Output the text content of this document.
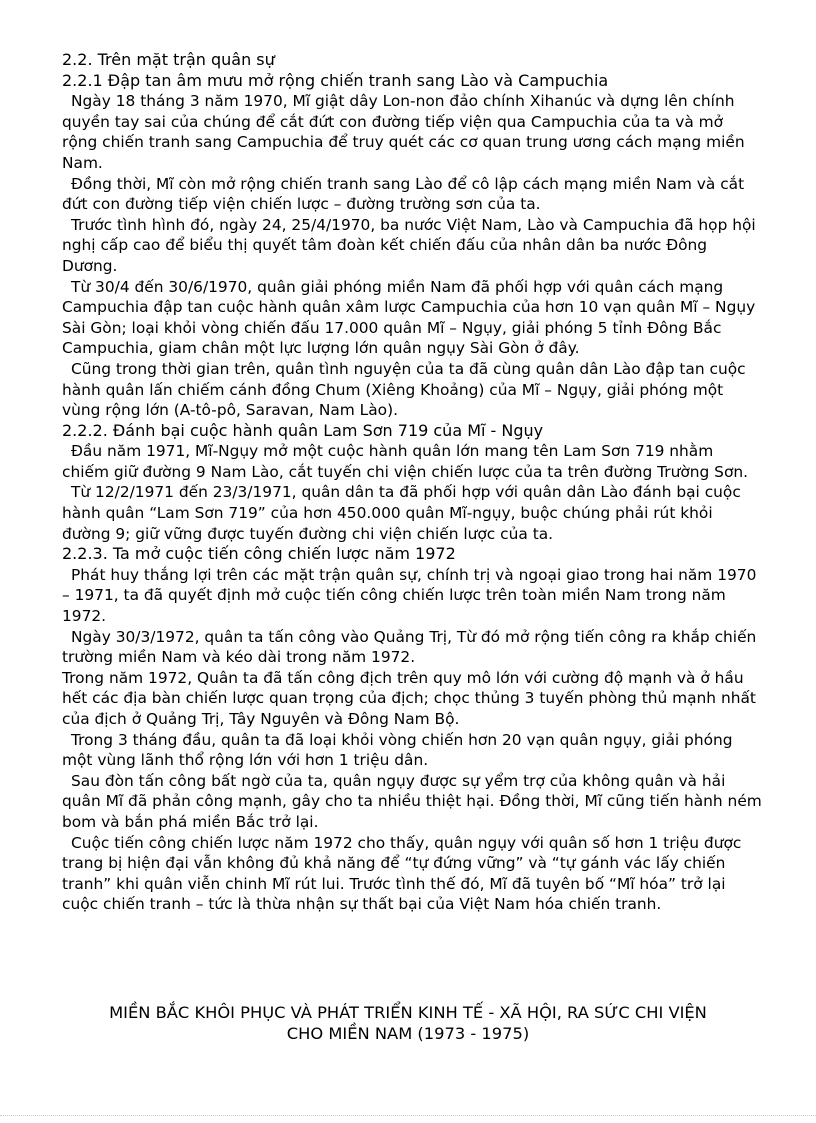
2.2. Trên mặt trận quân sự
2.2.1 Đập tan âm mưu mở rộng chiến tranh sang Lào và Campuchia

Ngày 18 tháng 3 năm 1970, Mĩ giật dây Lon-non đảo chính Xihanúc và dựng lên chính quyền tay sai của chúng để cắt đứt con đường tiếp viện qua Campuchia của ta và mở rộng chiến tranh sang Campuchia để truy quét các cơ quan trung ương cách mạng miền Nam.

Đồng thời, Mĩ còn mở rộng chiến tranh sang Lào để cô lập cách mạng miền Nam và cắt đứt con đường tiếp viện chiến lược – đường trường sơn của ta.

Trước tình hình đó, ngày 24, 25/4/1970, ba nước Việt Nam, Lào và Campuchia đã họp hội nghị cấp cao để biểu thị quyết tâm đoàn kết chiến đấu của nhân dân ba nước Đông Dương.

Từ 30/4 đến 30/6/1970, quân giải phóng miền Nam đã phối hợp với quân cách mạng Campuchia đập tan cuộc hành quân xâm lược Campuchia của hơn 10 vạn quân Mĩ – Ngụy Sài Gòn; loại khỏi vòng chiến đấu 17.000 quân Mĩ – Ngụy, giải phóng 5 tỉnh Đông Bắc Campuchia, giam chân một lực lượng lớn quân ngụy Sài Gòn ở đây.

Cũng trong thời gian trên, quân tình nguyện của ta đã cùng quân dân Lào đập tan cuộc hành quân lấn chiếm cánh đồng Chum (Xiêng Khoảng) của Mĩ – Ngụy, giải phóng một vùng rộng lớn (A-tô-pô, Saravan, Nam Lào).

2.2.2. Đánh bại cuộc hành quân Lam Sơn 719 của Mĩ - Ngụy

Đầu năm 1971, Mĩ-Ngụy mở một cuộc hành quân lớn mang tên Lam Sơn 719 nhằm chiếm giữ đường 9 Nam Lào, cắt tuyến chi viện chiến lược của ta trên đường Trường Sơn.

Từ 12/2/1971 đến 23/3/1971, quân dân ta đã phối hợp với quân dân Lào đánh bại cuộc hành quân “Lam Sơn 719” của hơn 450.000 quân Mĩ-ngụy, buộc chúng phải rút khỏi đường 9; giữ vững được tuyến đường chi viện chiến lược của ta.

2.2.3. Ta mở cuộc tiến công chiến lược năm 1972

Phát huy thắng lợi trên các mặt trận quân sự, chính trị và ngoại giao trong hai năm 1970 – 1971, ta đã quyết định mở cuộc tiến công chiến lược trên toàn miền Nam trong năm 1972.

Ngày 30/3/1972, quân ta tấn công vào Quảng Trị, Từ đó mở rộng tiến công ra khắp chiến trường miền Nam và kéo dài trong năm 1972.

Trong năm 1972, Quân ta đã tấn công địch trên quy mô lớn với cường độ mạnh và ở hầu hết các địa bàn chiến lược quan trọng của địch; chọc thủng 3 tuyến phòng thủ mạnh nhất của địch ở Quảng Trị, Tây Nguyên và Đông Nam Bộ.

Trong 3 tháng đầu, quân ta đã loại khỏi vòng chiến hơn 20 vạn quân ngụy, giải phóng một vùng lãnh thổ rộng lớn với hơn 1 triệu dân.

Sau đòn tấn công bất ngờ của ta, quân ngụy được sự yểm trợ của không quân và hải quân Mĩ đã phản công mạnh, gây cho ta nhiều thiệt hại. Đồng thời, Mĩ cũng tiến hành ném bom và bắn phá miền Bắc trở lại.

Cuộc tiến công chiến lược năm 1972 cho thấy, quân ngụy với quân số hơn 1 triệu được trang bị hiện đại vẫn không đủ khả năng để “tự đứng vững” và “tự gánh vác lấy chiến tranh” khi quân viễn chinh Mĩ rút lui. Trước tình thế đó, Mĩ đã tuyên bố “Mĩ hóa” trở lại cuộc chiến tranh – tức là thừa nhận sự thất bại của Việt Nam hóa chiến tranh.

MIỀN BẮC KHÔI PHỤC VÀ PHÁT TRIỂN KINH TẾ - XÃ HỘI, RA SỨC CHI VIỆN
CHO MIỀN NAM (1973 - 1975)
